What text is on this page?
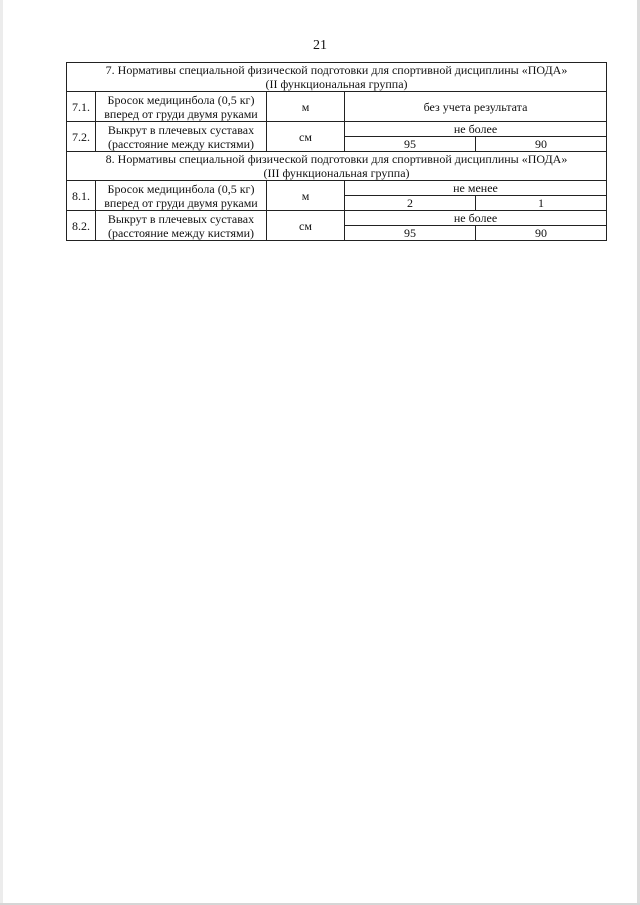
21
7. Нормативы специальной физической подготовки для спортивной дисциплины «ПОДА»
(II функциональная группа)				

7.1.	Бросок медицинбола (0,5 кг)
вперед от груди двумя руками	м	без учета результата	
7.2.	Выкрут в плечевых суставах
(расстояние между кистями)	см	не более	
			95	90

8. Нормативы специальной физической подготовки для спортивной дисциплины «ПОДА»
(III функциональная группа)				

8.1.	Бросок медицинбола (0,5 кг)
вперед от груди двумя руками	м	не менее	
			2	1
8.2.	Выкрут в плечевых суставах
(расстояние между кистями)	см	не более	
			95	90
